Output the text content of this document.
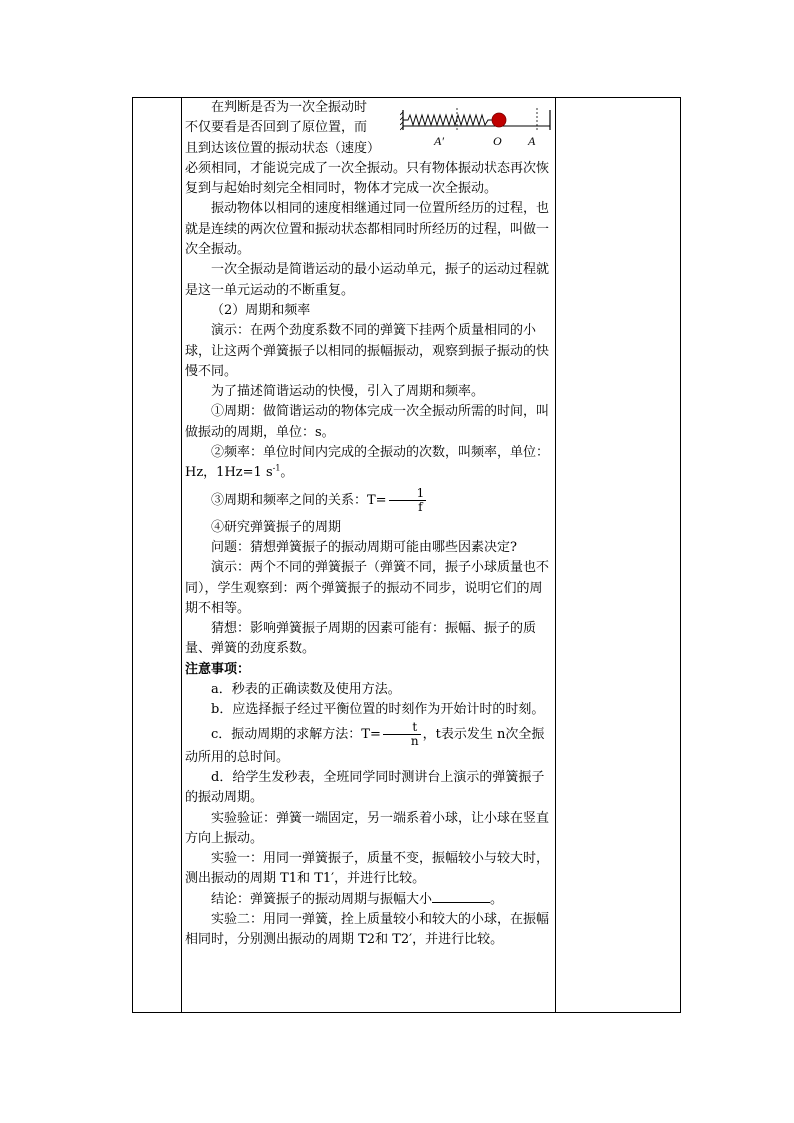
A′	O A

在判断是否为一次全振动时

不仅要看是否回到了原位置，而

且到达该位置的振动状态（速度）

必须相同，才能说完成了一次全振动。只有物体振动状态再次恢复到与起始时刻完全相同时，物体才完成一次全振动。

振动物体以相同的速度相继通过同一位置所经历的过程，也就是连续的两次位置和振动状态都相同时所经历的过程，叫做一次全振动。

一次全振动是简谐运动的最小运动单元，振子的运动过程就是这一单元运动的不断重复。

（2）周期和频率

演示：在两个劲度系数不同的弹簧下挂两个质量相同的小球，让这两个弹簧振子以相同的振幅振动，观察到振子振动的快慢不同。

为了描述简谐运动的快慢，引入了周期和频率。

①周期：做简谐运动的物体完成一次全振动所需的时间，叫做振动的周期，单位：s。

②频率：单位时间内完成的全振动的次数，叫频率，单位：Hz，1Hz=1 $s^{-1}$。

③周期和频率之间的关系：$T= \frac{1}{f}$

④研究弹簧振子的周期

问题：猜想弹簧振子的振动周期可能由哪些因素决定?

演示：两个不同的弹簧振子（弹簧不同，振子小球质量也不同），学生观察到：两个弹簧振子的振动不同步，说明它们的周期不相等。

猜想：影响弹簧振子周期的因素可能有：振幅、振子的质量、弹簧的劲度系数。

注意事项：

a．秒表的正确读数及使用方法。

b．应选择振子经过平衡位置的时刻作为开始计时的时刻。

c．振动周期的求解方法：$T= \frac{t}{n}$ ，t表示发生 n次全振动所用的总时间。

d．给学生发秒表，全班同学同时测讲台上演示的弹簧振子的振动周期。

实验验证：弹簧一端固定，另一端系着小球，让小球在竖直方向上振动。

实验一：用同一弹簧振子，质量不变，振幅较小与较大时，测出振动的周期 T1和 T1′，并进行比较。

结论：弹簧振子的振动周期与振幅大小	。

实验二：用同一弹簧，拴上质量较小和较大的小球，在振幅相同时，分别测出振动的周期 T2和 T2′，并进行比较。
